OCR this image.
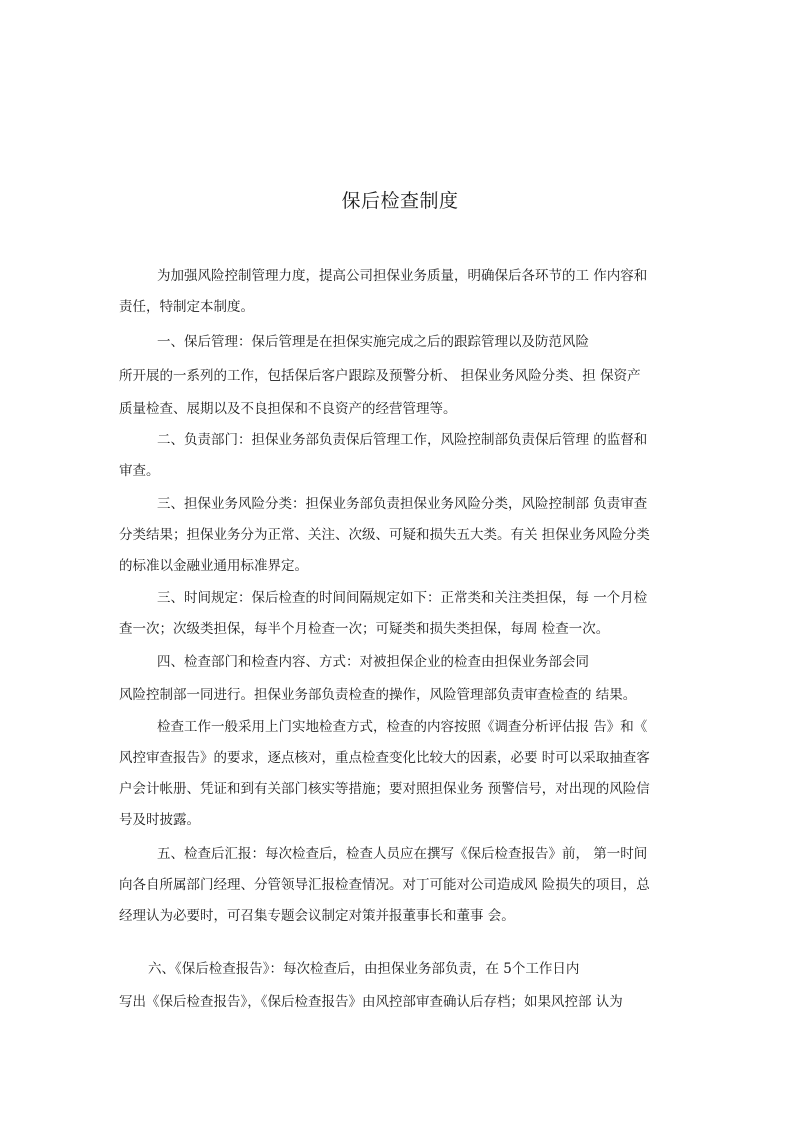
保后检查制度
为加强风险控制管理力度，提高公司担保业务质量，明确保后各环节的工 作内容和
责任，特制定本制度。
一、保后管理：保后管理是在担保实施完成之后的跟踪管理以及防范风险
所开展的一系列的工作，包括保后客户跟踪及预警分析、 担保业务风险分类、担 保资产
质量检查、展期以及不良担保和不良资产的经营管理等。
二、负责部门：担保业务部负责保后管理工作，风险控制部负责保后管理 的监督和
审查。
三、担保业务风险分类：担保业务部负责担保业务风险分类，风险控制部 负责审查
分类结果；担保业务分为正常、关注、次级、可疑和损失五大类。有关 担保业务风险分类
的标准以金融业通用标准界定。
三、时间规定：保后检查的时间间隔规定如下：正常类和关注类担保，每 一个月检
查一次；次级类担保，每半个月检查一次；可疑类和损失类担保，每周 检查一次。
四、检查部门和检查内容、方式：对被担保企业的检查由担保业务部会同
风险控制部一同进行。担保业务部负责检查的操作，风险管理部负责审查检查的 结果。
检查工作一般采用上门实地检查方式，检查的内容按照《调查分析评估报 告》和《
风控审查报告》的要求，逐点核对，重点检查变化比较大的因素，必要 时可以采取抽查客
户会计帐册、凭证和到有关部门核实等措施；要对照担保业务 预警信号，对出现的风险信
号及时披露。
五、检查后汇报：每次检查后，检查人员应在撰写《保后检查报告》前， 第一时间
向各自所属部门经理、分管领导汇报检查情况。对丁可能对公司造成风 险损失的项目，总
经理认为必要时，可召集专题会议制定对策并报董事长和董事 会。
六、《保后检查报告》：每次检查后，由担保业务部负责，在 5个工作日内
写出《保后检查报告》，《保后检查报告》由风控部审查确认后存档；如果风控部 认为
